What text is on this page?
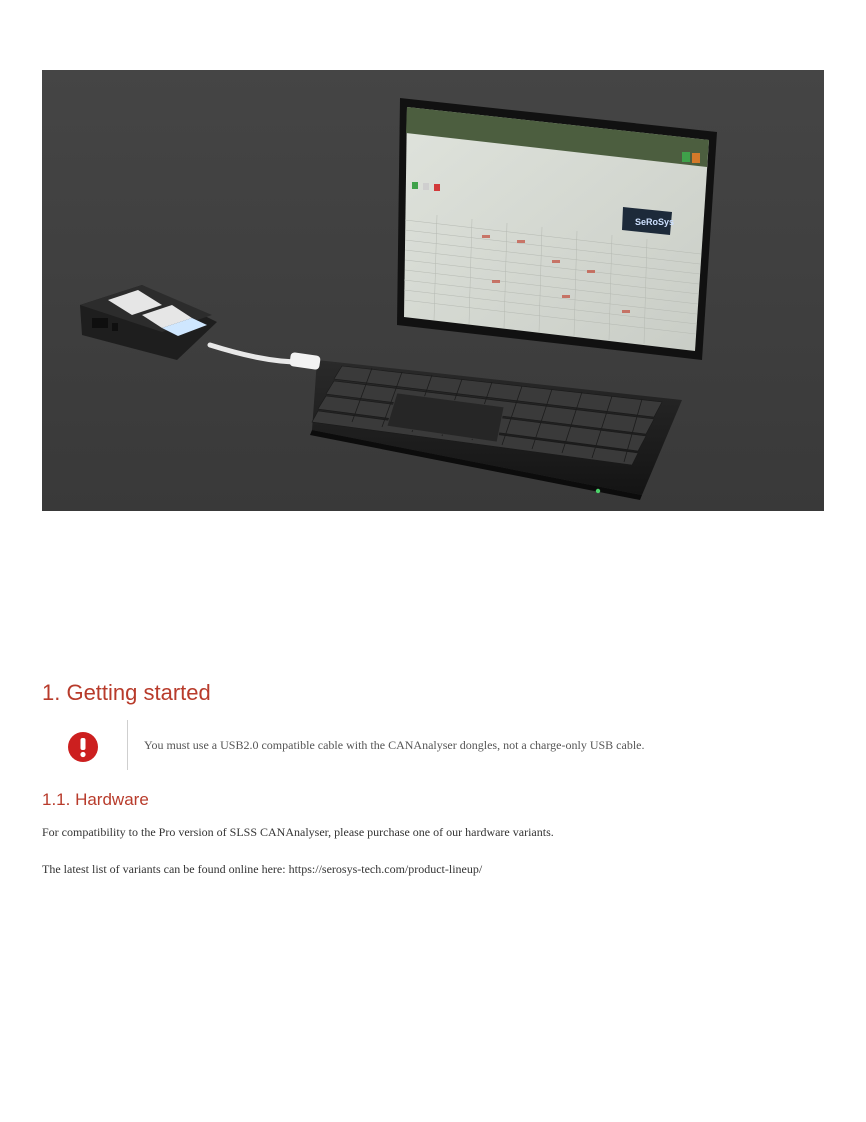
SeRoSys
1. Getting started
You must use a USB2.0 compatible cable with the CANAnalyser dongles, not a charge-only USB cable.
1.1. Hardware

For compatibility to the Pro version of SLSS CANAnalyser, please purchase one of our hardware variants.

The latest list of variants can be found online here: https://serosys-tech.com/product-lineup/
